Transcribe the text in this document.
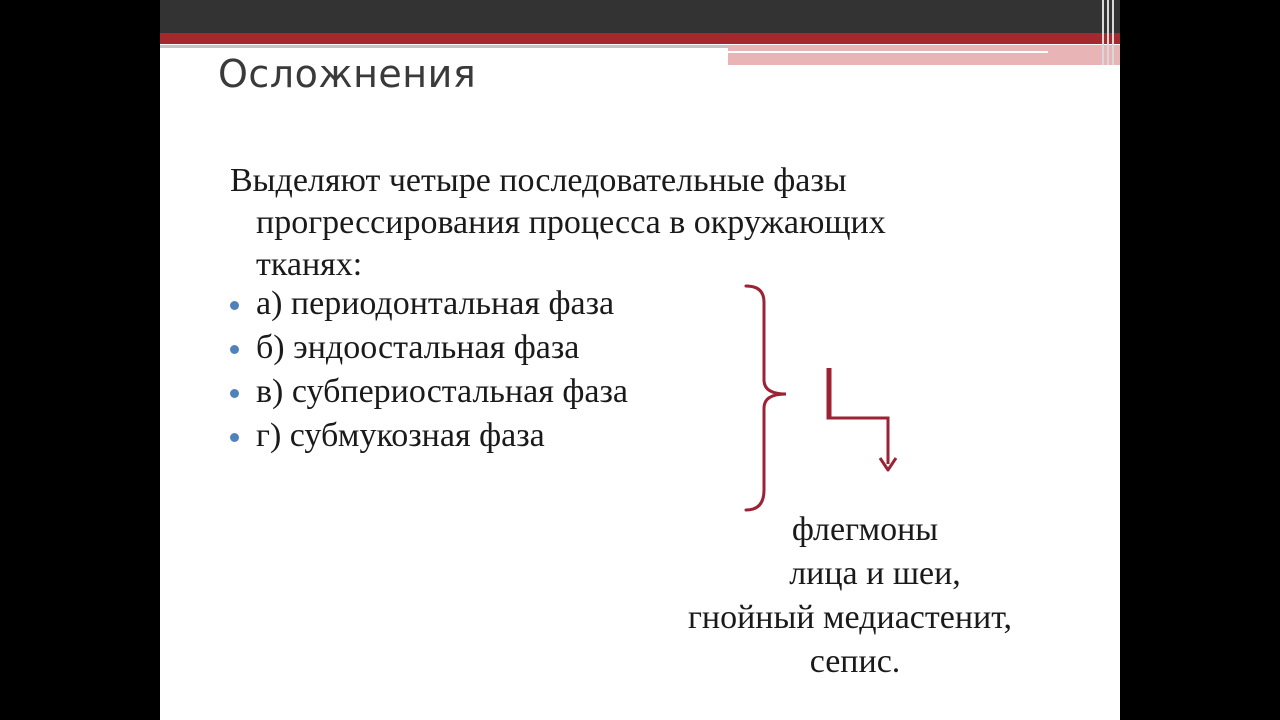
Осложнения
Выделяют четыре последовательные фазы
прогрессирования процесса в окружающих
тканях:
а) периодонтальная фаза
б) эндоостальная фаза
в) субпериостальная фаза
г) субмукозная фаза
флегмоны
лица и шеи,
гнойный медиастенит,
сепис.
